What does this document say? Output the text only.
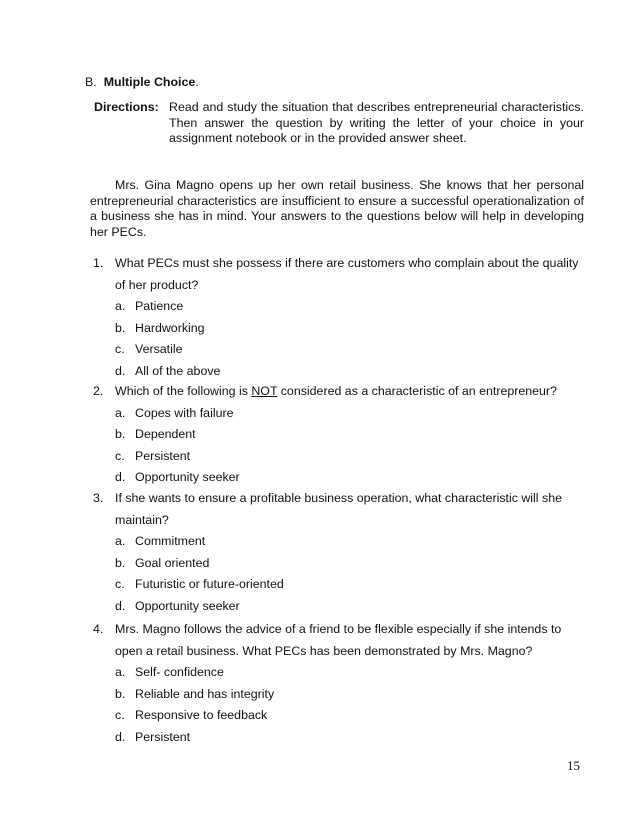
B. Multiple Choice.
Directions: Read and study the situation that describes entrepreneurial characteristics. Then answer the question by writing the letter of your choice in your assignment notebook or in the provided answer sheet.
Mrs. Gina Magno opens up her own retail business. She knows that her personal entrepreneurial characteristics are insufficient to ensure a successful operationalization of a business she has in mind. Your answers to the questions below will help in developing her PECs.
1. What PECs must she possess if there are customers who complain about the quality of her product?
a. Patience
b. Hardworking
c. Versatile
d. All of the above
2. Which of the following is NOT considered as a characteristic of an entrepreneur?
a. Copes with failure
b. Dependent
c. Persistent
d. Opportunity seeker
3. If she wants to ensure a profitable business operation, what characteristic will she maintain?
a. Commitment
b. Goal oriented
c. Futuristic or future-oriented
d. Opportunity seeker
4. Mrs. Magno follows the advice of a friend to be flexible especially if she intends to open a retail business. What PECs has been demonstrated by Mrs. Magno?
a. Self- confidence
b. Reliable and has integrity
c. Responsive to feedback
d. Persistent
15
